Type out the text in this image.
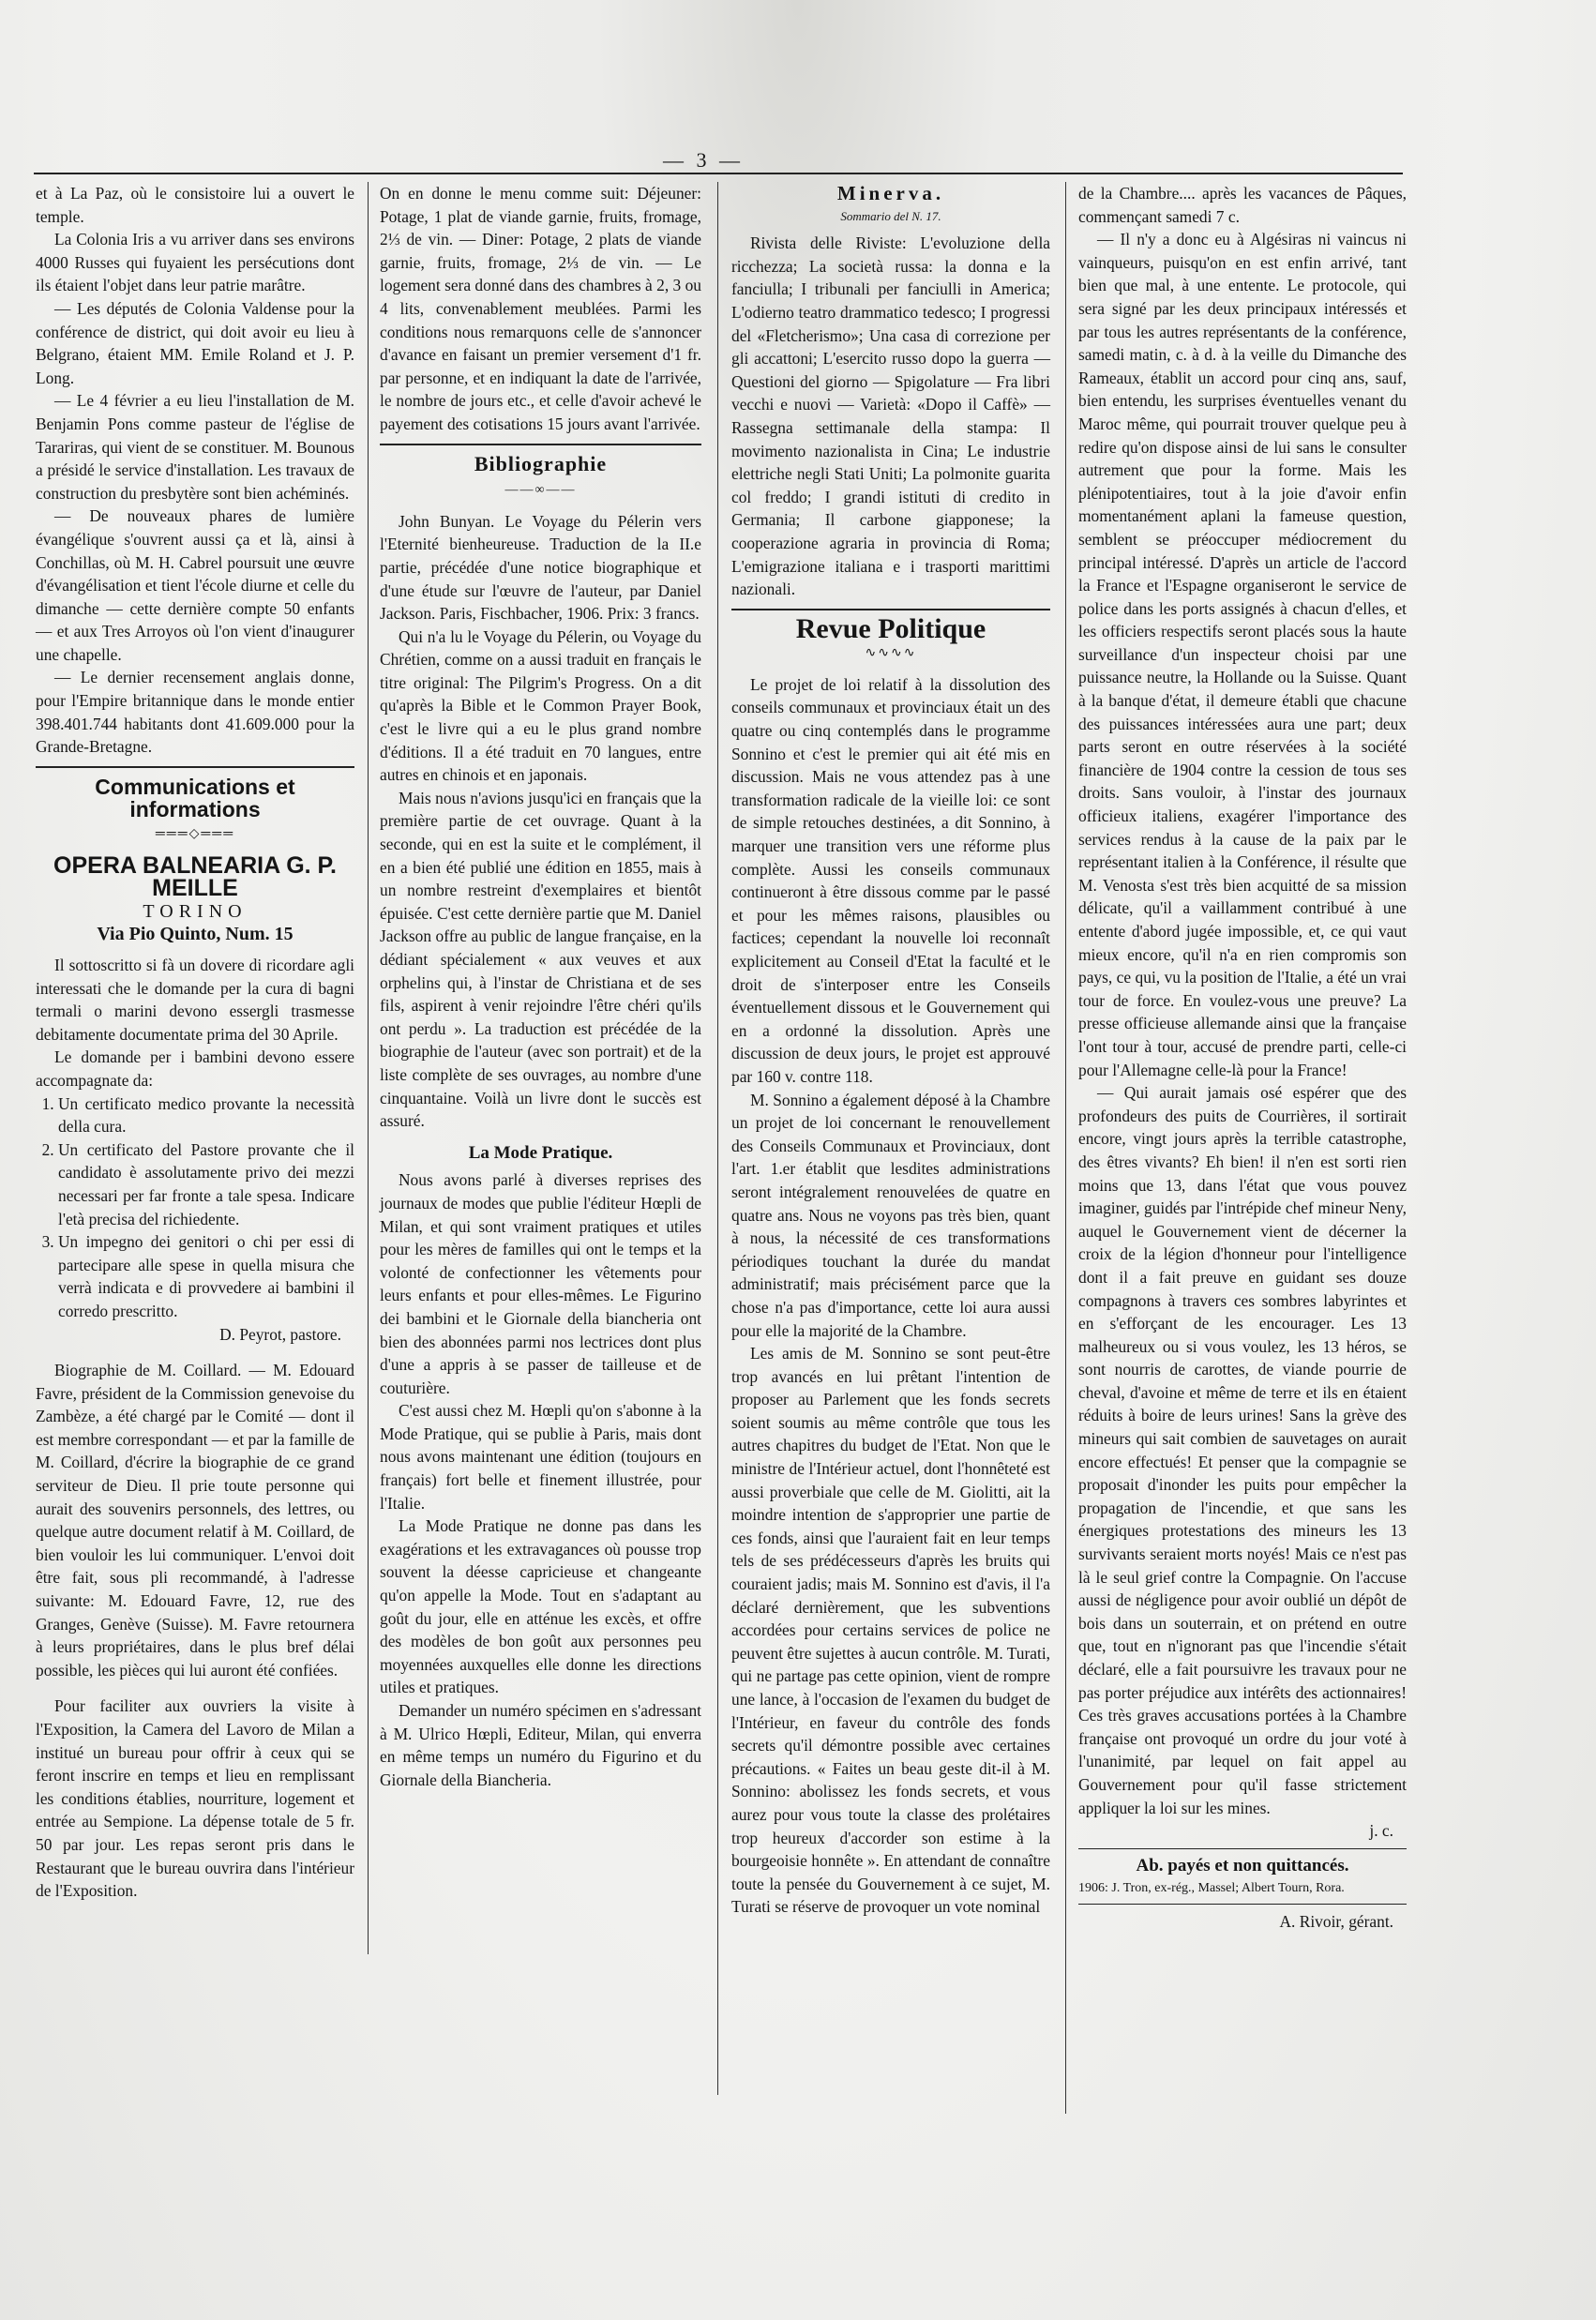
— 3 —

et à La Paz, où le consistoire lui a ouvert le temple.

La Colonia Iris a vu arriver dans ses environs 4000 Russes qui fuyaient les persécutions dont ils étaient l'objet dans leur patrie marâtre.

— Les députés de Colonia Valdense pour la conférence de district, qui doit avoir eu lieu à Belgrano, étaient MM. Emile Roland et J. P. Long.

— Le 4 février a eu lieu l'installation de M. Benjamin Pons comme pasteur de l'église de Tarariras, qui vient de se constituer. M. Bounous a présidé le service d'installation. Les travaux de construction du presbytère sont bien achéminés.

— De nouveaux phares de lumière évangélique s'ouvrent aussi ça et là, ainsi à Conchillas, où M. H. Cabrel poursuit une œuvre d'évangélisation et tient l'école diurne et celle du dimanche — cette dernière compte 50 enfants — et aux Tres Arroyos où l'on vient d'inaugurer une chapelle.

— Le dernier recensement anglais donne, pour l'Empire britannique dans le monde entier 398.401.744 habitants dont 41.609.000 pour la Grande-Bretagne.

Communications et informations
═══◇═══
OPERA BALNEARIA G. P. MEILLE
TORINO
Via Pio Quinto, Num. 15

Il sottoscritto si fà un dovere di ricordare agli interessati che le domande per la cura di bagni termali o marini devono essergli trasmesse debitamente documentate prima del 30 Aprile.

Le domande per i bambini devono essere accompagnate da:

1. Un certificato medico provante la necessità della cura.
2. Un certificato del Pastore provante che il candidato è assolutamente privo dei mezzi necessari per far fronte a tale spesa. Indicare l'età precisa del richiedente.
3. Un impegno dei genitori o chi per essi di partecipare alle spese in quella misura che verrà indicata e di provvedere ai bambini il corredo prescritto.

D. Peyrot, pastore.

Biographie de M. Coillard. — M. Edouard Favre, président de la Commission genevoise du Zambèze, a été chargé par le Comité — dont il est membre correspondant — et par la famille de M. Coillard, d'écrire la biographie de ce grand serviteur de Dieu. Il prie toute personne qui aurait des souvenirs personnels, des lettres, ou quelque autre document relatif à M. Coillard, de bien vouloir les lui communiquer. L'envoi doit être fait, sous pli recommandé, à l'adresse suivante: M. Edouard Favre, 12, rue des Granges, Genève (Suisse). M. Favre retournera à leurs propriétaires, dans le plus bref délai possible, les pièces qui lui auront été confiées.

Pour faciliter aux ouvriers la visite à l'Exposition, la Camera del Lavoro de Milan a institué un bureau pour offrir à ceux qui se feront inscrire en temps et lieu en remplissant les conditions établies, nourriture, logement et entrée au Sempione. La dépense totale de 5 fr. 50 par jour. Les repas seront pris dans le Restaurant que le bureau ouvrira dans l'intérieur de l'Exposition.

On en donne le menu comme suit: Déjeuner: Potage, 1 plat de viande garnie, fruits, fromage, 2⅓ de vin. — Diner: Potage, 2 plats de viande garnie, fruits, fromage, 2⅓ de vin. — Le logement sera donné dans des chambres à 2, 3 ou 4 lits, convenablement meublées. Parmi les conditions nous remarquons celle de s'annoncer d'avance en faisant un premier versement d'1 fr. par personne, et en indiquant la date de l'arrivée, le nombre de jours etc., et celle d'avoir achevé le payement des cotisations 15 jours avant l'arrivée.

Bibliographie
——∞——

John Bunyan. Le Voyage du Pélerin vers l'Eternité bienheureuse. Traduction de la II.e partie, précédée d'une notice biographique et d'une étude sur l'œuvre de l'auteur, par Daniel Jackson. Paris, Fischbacher, 1906. Prix: 3 francs.

Qui n'a lu le Voyage du Pélerin, ou Voyage du Chrétien, comme on a aussi traduit en français le titre original: The Pilgrim's Progress. On a dit qu'après la Bible et le Common Prayer Book, c'est le livre qui a eu le plus grand nombre d'éditions. Il a été traduit en 70 langues, entre autres en chinois et en japonais.

Mais nous n'avions jusqu'ici en français que la première partie de cet ouvrage. Quant à la seconde, qui en est la suite et le complément, il en a bien été publié une édition en 1855, mais à un nombre restreint d'exemplaires et bientôt épuisée. C'est cette dernière partie que M. Daniel Jackson offre au public de langue française, en la dédiant spécialement « aux veuves et aux orphelins qui, à l'instar de Christiana et de ses fils, aspirent à venir rejoindre l'être chéri qu'ils ont perdu ». La traduction est précédée de la biographie de l'auteur (avec son portrait) et de la liste complète de ses ouvrages, au nombre d'une cinquantaine. Voilà un livre dont le succès est assuré.

La Mode Pratique.

Nous avons parlé à diverses reprises des journaux de modes que publie l'éditeur Hœpli de Milan, et qui sont vraiment pratiques et utiles pour les mères de familles qui ont le temps et la volonté de confectionner les vêtements pour leurs enfants et pour elles-mêmes. Le Figurino dei bambini et le Giornale della biancheria ont bien des abonnées parmi nos lectrices dont plus d'une a appris à se passer de tailleuse et de couturière.

C'est aussi chez M. Hœpli qu'on s'abonne à la Mode Pratique, qui se publie à Paris, mais dont nous avons maintenant une édition (toujours en français) fort belle et finement illustrée, pour l'Italie.

La Mode Pratique ne donne pas dans les exagérations et les extravagances où pousse trop souvent la déesse capricieuse et changeante qu'on appelle la Mode. Tout en s'adaptant au goût du jour, elle en atténue les excès, et offre des modèles de bon goût aux personnes peu moyennées auxquelles elle donne les directions utiles et pratiques.

Demander un numéro spécimen en s'adressant à M. Ulrico Hœpli, Editeur, Milan, qui enverra en même temps un numéro du Figurino et du Giornale della Biancheria.

Minerva.
Sommario del N. 17.

Rivista delle Riviste: L'evoluzione della ricchezza; La società russa: la donna e la fanciulla; I tribunali per fanciulli in America; L'odierno teatro drammatico tedesco; I progressi del «Fletcherismo»; Una casa di correzione per gli accattoni; L'esercito russo dopo la guerra — Questioni del giorno — Spigolature — Fra libri vecchi e nuovi — Varietà: «Dopo il Caffè» — Rassegna settimanale della stampa: Il movimento nazionalista in Cina; Le industrie elettriche negli Stati Uniti; La polmonite guarita col freddo; I grandi istituti di credito in Germania; Il carbone giapponese; la cooperazione agraria in provincia di Roma; L'emigrazione italiana e i trasporti marittimi nazionali.

Revue Politique
∿∿∿∿

Le projet de loi relatif à la dissolution des conseils communaux et provinciaux était un des quatre ou cinq contemplés dans le programme Sonnino et c'est le premier qui ait été mis en discussion. Mais ne vous attendez pas à une transformation radicale de la vieille loi: ce sont de simple retouches destinées, a dit Sonnino, à marquer une transition vers une réforme plus complète. Aussi les conseils communaux continueront à être dissous comme par le passé et pour les mêmes raisons, plausibles ou factices; cependant la nouvelle loi reconnaît explicitement au Conseil d'Etat la faculté et le droit de s'interposer entre les Conseils éventuellement dissous et le Gouvernement qui en a ordonné la dissolution. Après une discussion de deux jours, le projet est approuvé par 160 v. contre 118.

M. Sonnino a également déposé à la Chambre un projet de loi concernant le renouvellement des Conseils Communaux et Provinciaux, dont l'art. 1.er établit que lesdites administrations seront intégralement renouvelées de quatre en quatre ans. Nous ne voyons pas très bien, quant à nous, la nécessité de ces transformations périodiques touchant la durée du mandat administratif; mais précisément parce que la chose n'a pas d'importance, cette loi aura aussi pour elle la majorité de la Chambre.

Les amis de M. Sonnino se sont peut-être trop avancés en lui prêtant l'intention de proposer au Parlement que les fonds secrets soient soumis au même contrôle que tous les autres chapitres du budget de l'Etat. Non que le ministre de l'Intérieur actuel, dont l'honnêteté est aussi proverbiale que celle de M. Giolitti, ait la moindre intention de s'approprier une partie de ces fonds, ainsi que l'auraient fait en leur temps tels de ses prédécesseurs d'après les bruits qui couraient jadis; mais M. Sonnino est d'avis, il l'a déclaré dernièrement, que les subventions accordées pour certains services de police ne peuvent être sujettes à aucun contrôle. M. Turati, qui ne partage pas cette opinion, vient de rompre une lance, à l'occasion de l'examen du budget de l'Intérieur, en faveur du contrôle des fonds secrets qu'il démontre possible avec certaines précautions. « Faites un beau geste dit-il à M. Sonnino: abolissez les fonds secrets, et vous aurez pour vous toute la classe des prolétaires trop heureux d'accorder son estime à la bourgeoisie honnête ». En attendant de connaître toute la pensée du Gouvernement à ce sujet, M. Turati se réserve de provoquer un vote nominal

de la Chambre.... après les vacances de Pâques, commençant samedi 7 c.

— Il n'y a donc eu à Algésiras ni vaincus ni vainqueurs, puisqu'on en est enfin arrivé, tant bien que mal, à une entente. Le protocole, qui sera signé par les deux principaux intéressés et par tous les autres représentants de la conférence, samedi matin, c. à d. à la veille du Dimanche des Rameaux, établit un accord pour cinq ans, sauf, bien entendu, les surprises éventuelles venant du Maroc même, qui pourrait trouver quelque peu à redire qu'on dispose ainsi de lui sans le consulter autrement que pour la forme. Mais les plénipotentiaires, tout à la joie d'avoir enfin momentanément aplani la fameuse question, semblent se préoccuper médiocrement du principal intéressé. D'après un article de l'accord la France et l'Espagne organiseront le service de police dans les ports assignés à chacun d'elles, et les officiers respectifs seront placés sous la haute surveillance d'un inspecteur choisi par une puissance neutre, la Hollande ou la Suisse. Quant à la banque d'état, il demeure établi que chacune des puissances intéressées aura une part; deux parts seront en outre réservées à la société financière de 1904 contre la cession de tous ses droits. Sans vouloir, à l'instar des journaux officieux italiens, exagérer l'importance des services rendus à la cause de la paix par le représentant italien à la Conférence, il résulte que M. Venosta s'est très bien acquitté de sa mission délicate, qu'il a vaillamment contribué à une entente d'abord jugée impossible, et, ce qui vaut mieux encore, qu'il n'a en rien compromis son pays, ce qui, vu la position de l'Italie, a été un vrai tour de force. En voulez-vous une preuve? La presse officieuse allemande ainsi que la française l'ont tour à tour, accusé de prendre parti, celle-ci pour l'Allemagne celle-là pour la France!

— Qui aurait jamais osé espérer que des profondeurs des puits de Courrières, il sortirait encore, vingt jours après la terrible catastrophe, des êtres vivants? Eh bien! il n'en est sorti rien moins que 13, dans l'état que vous pouvez imaginer, guidés par l'intrépide chef mineur Neny, auquel le Gouvernement vient de décerner la croix de la légion d'honneur pour l'intelligence dont il a fait preuve en guidant ses douze compagnons à travers ces sombres labyrintes et en s'efforçant de les encourager. Les 13 malheureux ou si vous voulez, les 13 héros, se sont nourris de carottes, de viande pourrie de cheval, d'avoine et même de terre et ils en étaient réduits à boire de leurs urines! Sans la grève des mineurs qui sait combien de sauvetages on aurait encore effectués! Et penser que la compagnie se proposait d'inonder les puits pour empêcher la propagation de l'incendie, et que sans les énergiques protestations des mineurs les 13 survivants seraient morts noyés! Mais ce n'est pas là le seul grief contre la Compagnie. On l'accuse aussi de négligence pour avoir oublié un dépôt de bois dans un souterrain, et on prétend en outre que, tout en n'ignorant pas que l'incendie s'était déclaré, elle a fait poursuivre les travaux pour ne pas porter préjudice aux intérêts des actionnaires! Ces très graves accusations portées à la Chambre française ont provoqué un ordre du jour voté à l'unanimité, par lequel on fait appel au Gouvernement pour qu'il fasse strictement appliquer la loi sur les mines.

j. c.

Ab. payés et non quittancés.

1906: J. Tron, ex-rég., Massel; Albert Tourn, Rora.

A. Rivoir, gérant.
